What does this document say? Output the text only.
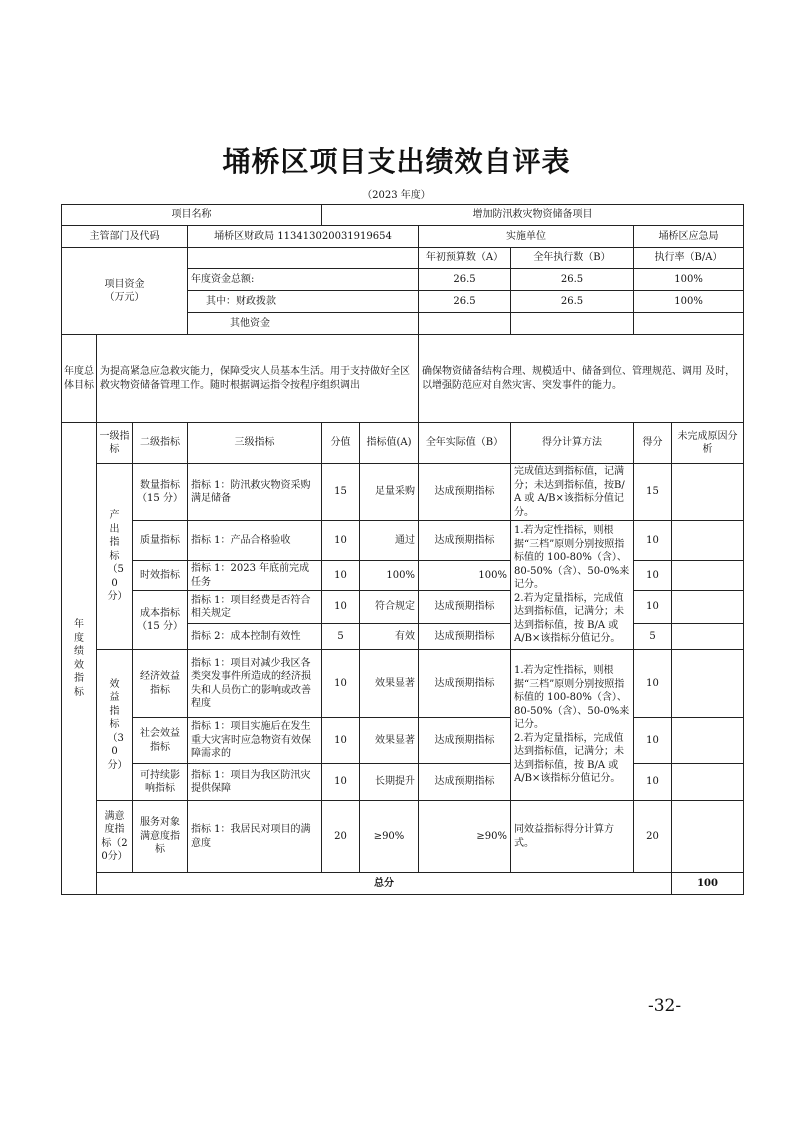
埇桥区项目支出绩效自评表
（2023 年度）
项目名称				增加防汛救灾物资储备项目						
主管部门及代码			埇桥区财政局 113413020031919654			实施单位		埇桥区应急局		
项目资金
（万元）						年初预算数（A）	全年执行数（B）	执行率（B/A）		
			年度资金总额:			26.5	26.5	100%		
			其中：财政拨款			26.5	26.5	100%		
			其他资金							
年度总体目标	为提高紧急应急救灾能力，保障受灾人员基本生活。用于支持做好全区救灾物资储备管理工作。随时根据调运指令按程序组织调出					确保物资储备结构合理、规模适中、储备到位、管理规范、调用 及时，以增强防范应对自然灾害、突发事件的能力。				
年度绩效指标	一级指标	二级指标	三级指标	分值	指标值(A)	全年实际值（B）	得分计算方法	得分	未完成原因分析	
	产出指标（50分）	数量指标（15 分）	指标 1：防汛救灾物资采购满足储备	15	足量采购	达成预期指标	完成值达到指标值，记满分；未达到指标值，按B/A 或 A/B×该指标分值记分。	15		
		质量指标	指标 1：产品合格验收	10	通过	达成预期指标	1.若为定性指标，则根据“三档”原则分别按照指标值的 100-80%（含）、80-50%（含）、50-0%来记分。
2.若为定量指标，完成值达到指标值，记满分；未达到指标值，按 B/A 或 A/B×该指标分值记分。	10		
		时效指标	指标 1：2023 年底前完成任务	10	100%	100%		10		
		成本指标（15 分）	指标 1：项目经费是否符合相关规定	10	符合规定	达成预期指标		10		
			指标 2：成本控制有效性	5	有效	达成预期指标		5		
	效益指标（30分）	经济效益指标	指标 1：项目对减少我区各类突发事件所造成的经济损失和人员伤亡的影响或改善程度	10	效果显著	达成预期指标	1.若为定性指标，则根据“三档”原则分别按照指标值的 100-80%（含）、80-50%（含）、50-0%来记分。
2.若为定量指标，完成值达到指标值，记满分；未达到指标值，按 B/A 或 A/B×该指标分值记分。	10		
		社会效益指标	指标 1：项目实施后在发生重大灾害时应急物资有效保障需求的	10	效果显著	达成预期指标		10		
		可持续影响指标	指标 1：项目为我区防汛灾提供保障	10	长期提升	达成预期指标		10		
	满意度指标（20分）	服务对象满意度指标	指标 1：我居民对项目的满意度	20	≥90%	≥90%	同效益指标得分计算方式。	20		
	总分								100	
-32-
